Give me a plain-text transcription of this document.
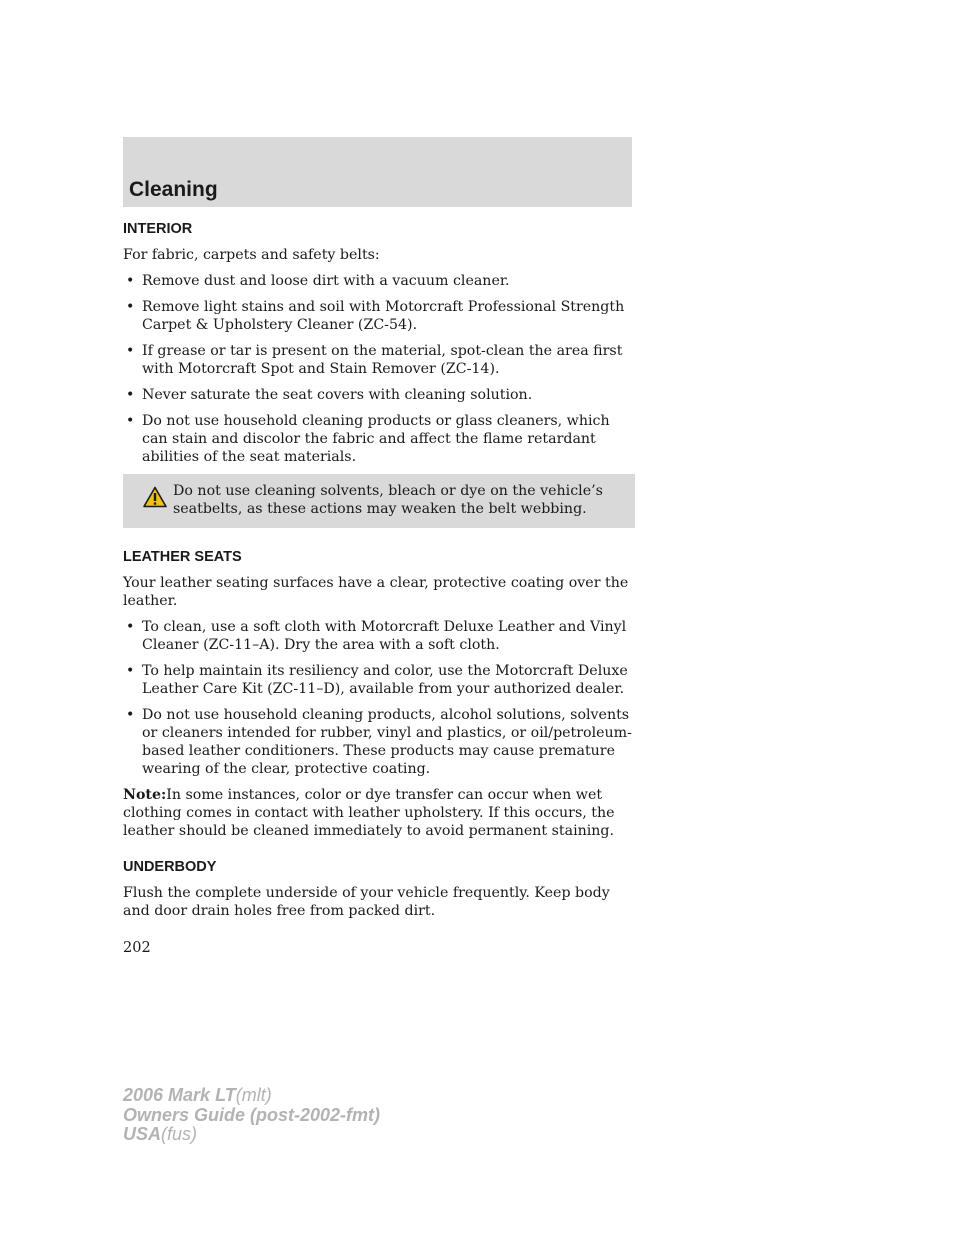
Cleaning
INTERIOR

For fabric, carpets and safety belts:

• Remove dust and loose dirt with a vacuum cleaner.
• Remove light stains and soil with Motorcraft Professional Strength Carpet & Upholstery Cleaner (ZC-54).
• If grease or tar is present on the material, spot-clean the area first with Motorcraft Spot and Stain Remover (ZC-14).
• Never saturate the seat covers with cleaning solution.
• Do not use household cleaning products or glass cleaners, which can stain and discolor the fabric and affect the flame retardant abilities of the seat materials.
Do not use cleaning solvents, bleach or dye on the vehicle’s seatbelts, as these actions may weaken the belt webbing.
LEATHER SEATS

Your leather seating surfaces have a clear, protective coating over the leather.

• To clean, use a soft cloth with Motorcraft Deluxe Leather and Vinyl Cleaner (ZC-11–A). Dry the area with a soft cloth.
• To help maintain its resiliency and color, use the Motorcraft Deluxe Leather Care Kit (ZC-11–D), available from your authorized dealer.
• Do not use household cleaning products, alcohol solutions, solvents or cleaners intended for rubber, vinyl and plastics, or oil/petroleum-based leather conditioners. These products may cause premature wearing of the clear, protective coating.

Note:In some instances, color or dye transfer can occur when wet clothing comes in contact with leather upholstery. If this occurs, the leather should be cleaned immediately to avoid permanent staining.

UNDERBODY

Flush the complete underside of your vehicle frequently. Keep body and door drain holes free from packed dirt.

202

2006 Mark LT(mlt)
Owners Guide (post-2002-fmt)
USA(fus)
